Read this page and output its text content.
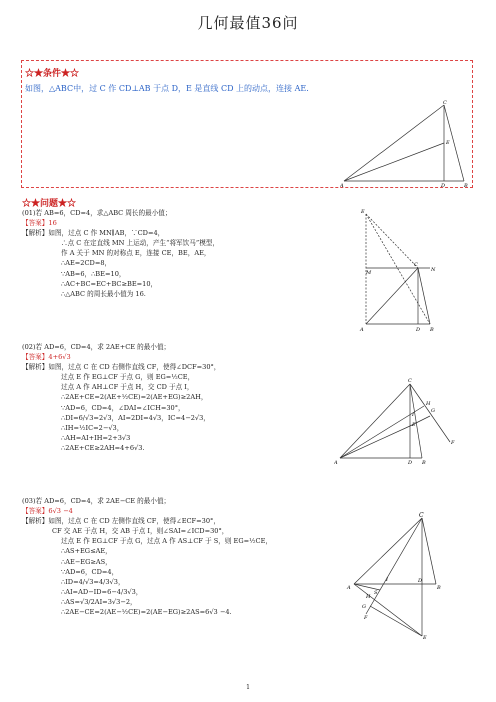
几何最值36问
☆★条件★☆
如图，△ABC中，过 C 作 CD⊥AB 于点 D，E 是直线 CD 上的动点，连接 AE.
C
E
A	D	B
☆★问题★☆
(01)若 AB=6，CD=4，求△ABC 周长的最小值；
【答案】16
【解析】如图，过点 C 作 MN∥AB，∵CD=4，
∴点 C 在定直线 MN 上运动，产生“将军饮马”模型，
作 A 关于 MN 的对称点 E，连接 CE，BE，AE，
∴AE=2CD=8，
∵AB=6，∴BE=10，
∴AC+BC=EC+BC≥BE=10，
∴△ABC 的周长最小值为 16.
(02)若 AD=6，CD=4，求 2AE+CE 的最小值；
【答案】4+6√3
【解析】如图，过点 C 在 CD 右侧作直线 CF，使得∠DCF=30°，
过点 E 作 EG⊥CF 于点 G，则 EG=½CE，
过点 A 作 AH⊥CF 于点 H，交 CD 于点 I，
∴2AE+CE=2(AE+½CE)=2(AE+EG)≥2AH，
∵AD=6，CD=4，∠DAI=∠ICH=30°，
∴DI=6/√3=2√3，AI=2DI=4√3，IC=4−2√3，
∴IH=½IC=2−√3，
∴AH=AI+IH=2+3√3
∴2AE+CE≥2AH=4+6√3.
(03)若 AD=6，CD=4，求 2AE−CE 的最小值；
【答案】6√3 −4
【解析】如图，过点 C 在 CD 左侧作直线 CF，使得∠ECF=30°，
CF 交 AE 于点 H，交 AB 于点 I，则∠SAI=∠ICD=30°，
过点 E 作 EG⊥CF 于点 G，过点 A 作 AS⊥CF 于 S，则 EG=½CE，
∴AS+EG≤AE，
∴AE−EG≥AS，
∵AD=6，CD=4，
∴ID=4/√3=4/3√3，
∴AI=AD−ID=6−4/3√3，
∴AS=√3/2AI=3√3−2，
∴2AE−CE=2(AE−½CE)=2(AE−EG)≥2AS=6√3 −4.
E
M
C
N
A	D B
C
H
G
E
I
F
A	D B
C
A
I	D
B
H
S
G
F
E
1
